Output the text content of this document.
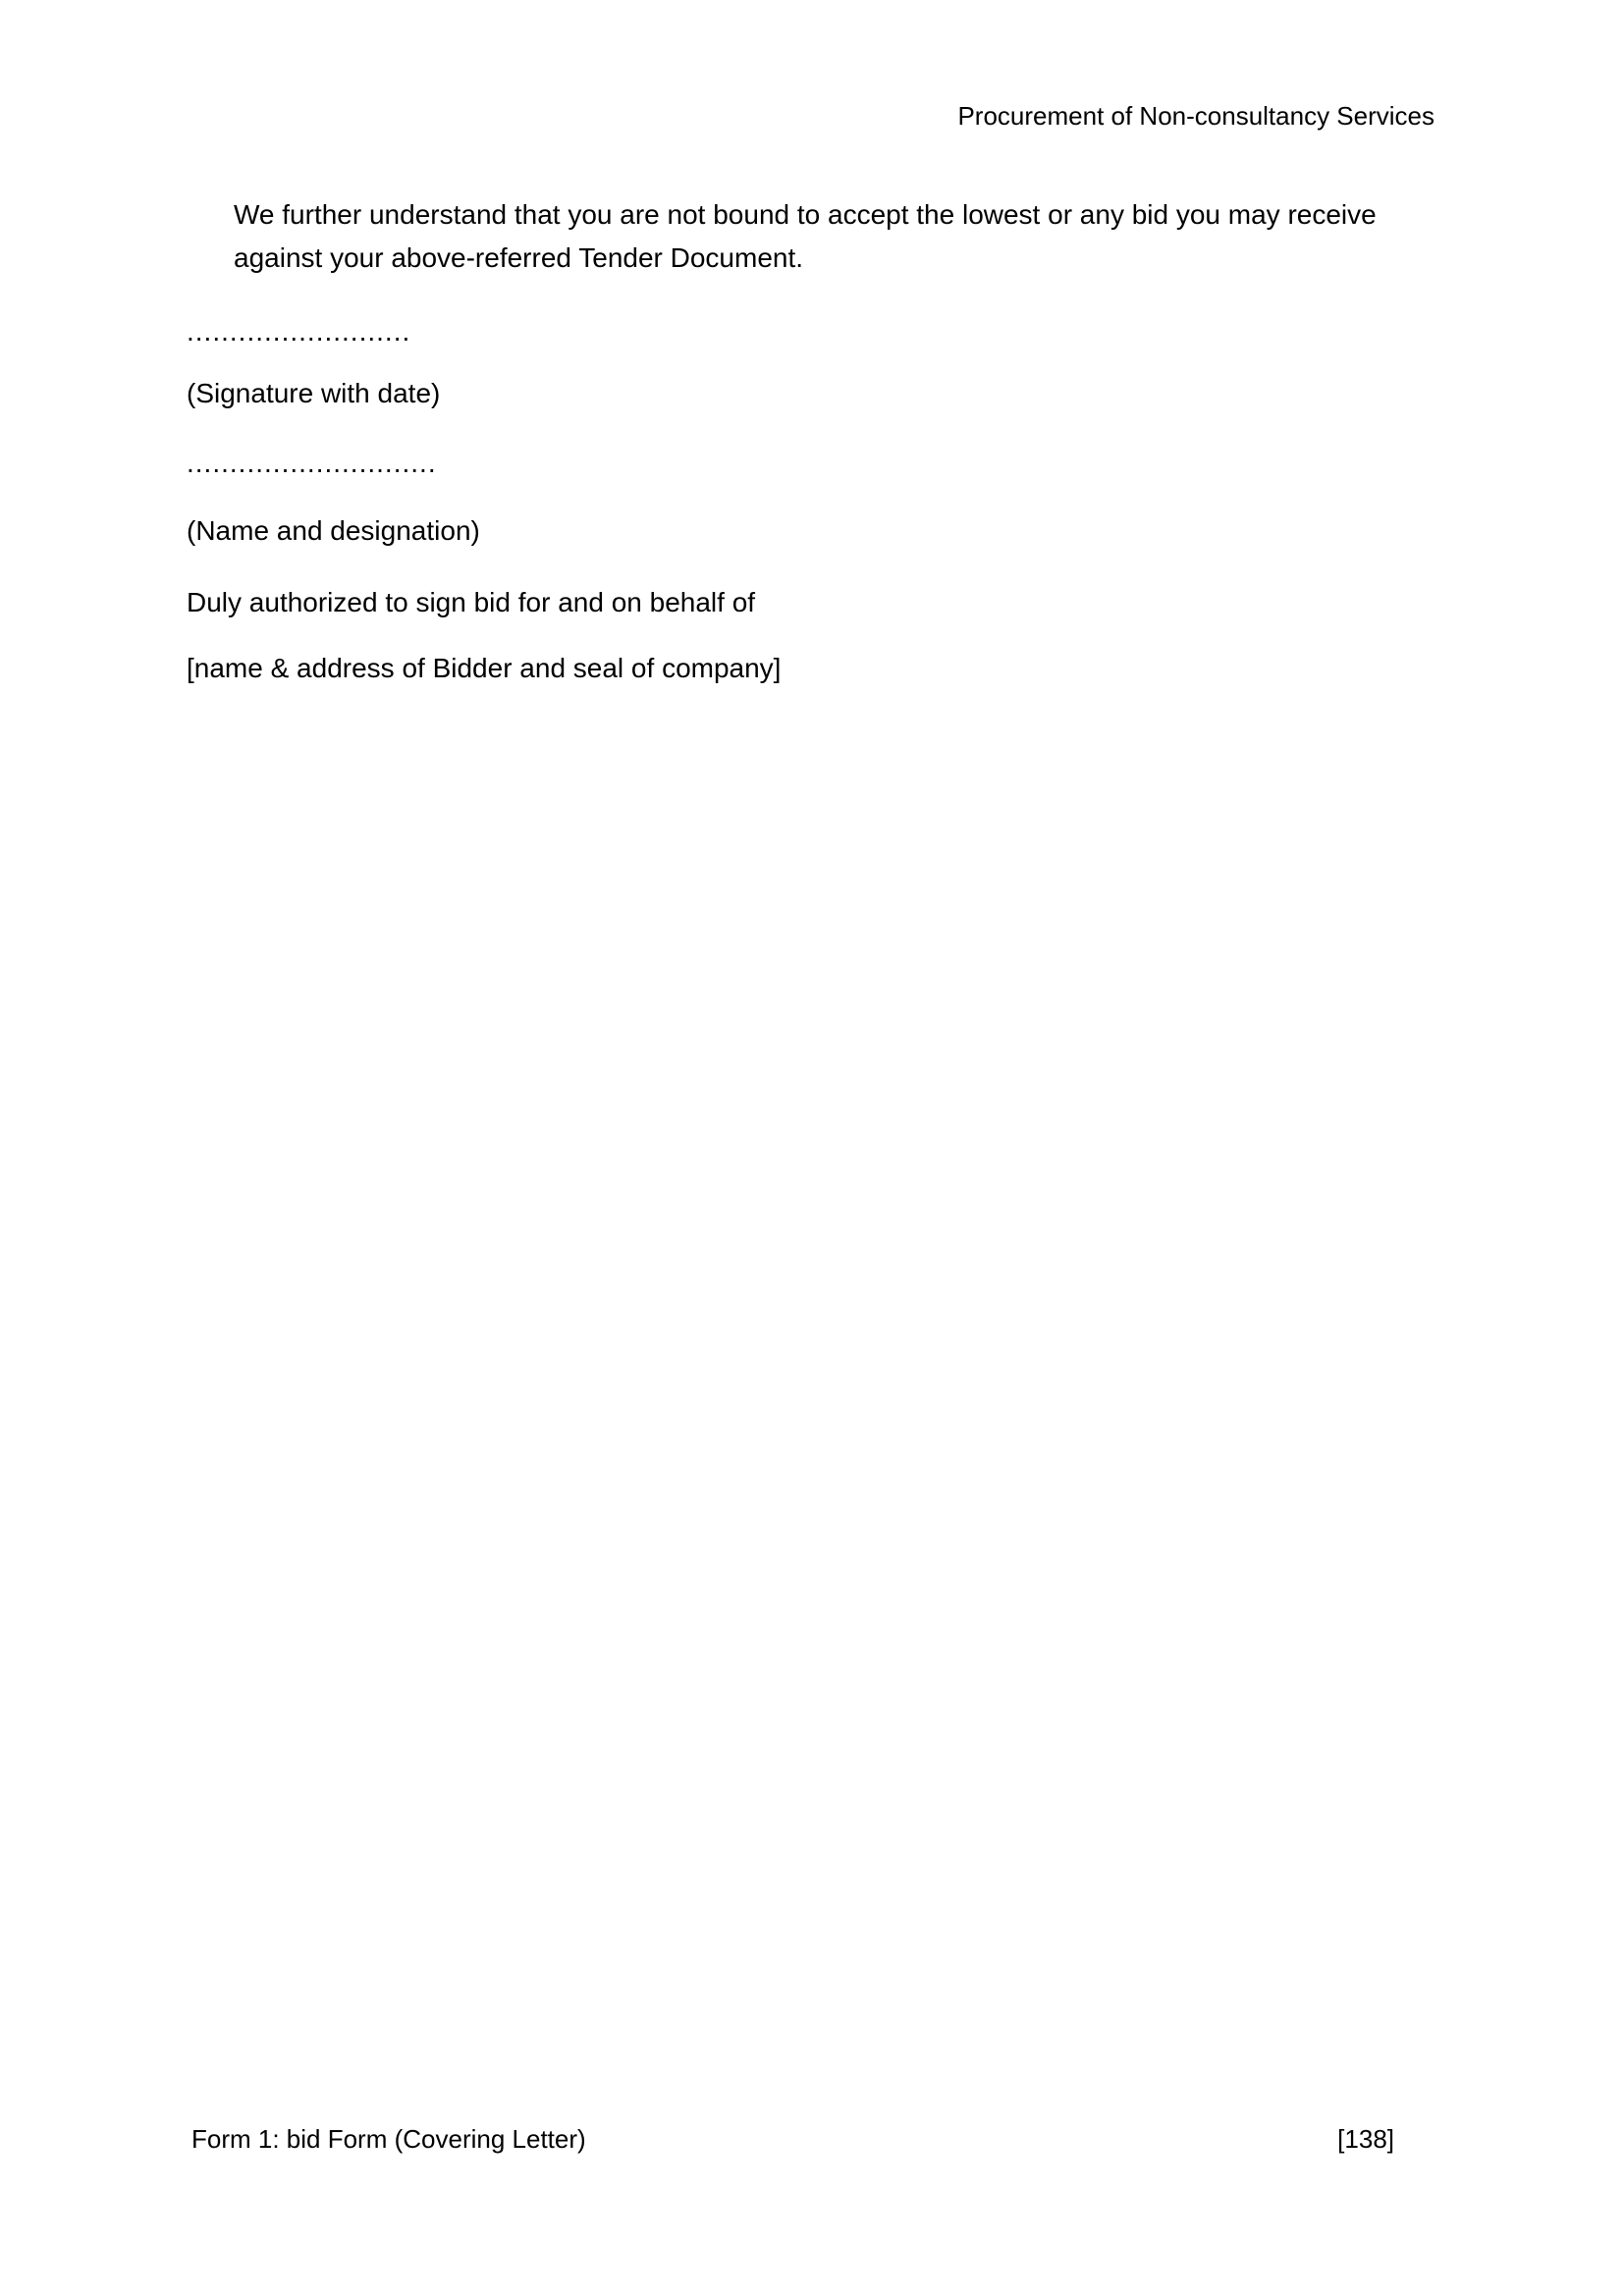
Procurement of Non-consultancy Services
We further understand that you are not bound to accept the lowest or any bid you may receive
against your above-referred Tender Document.
..........................
(Signature with date)
.............................
(Name and designation)
Duly authorized to sign bid for and on behalf of
[name & address of Bidder and seal of company]
Form 1: bid Form (Covering Letter)	[138]
